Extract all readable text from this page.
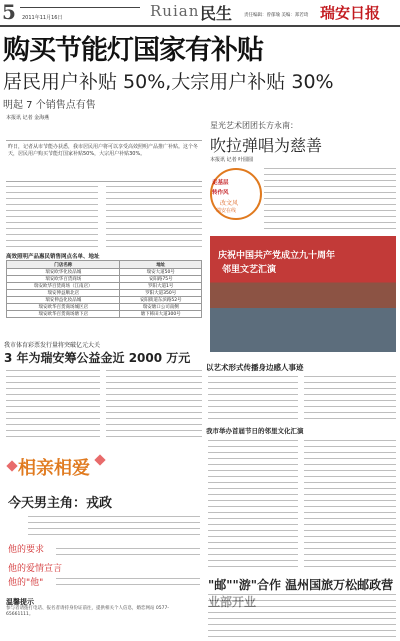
5 2011年11月16日	Ruian 民生	责任编辑：曾郁瑜 美编：郑若琦 瑞安日报
购买节能灯国家有补贴
居民用户补贴 50%,大宗用户补贴 30%
明起 7 个销售点有售
本报讯 记者 金海燕
昨日，记者从市节能办获悉，我市居民用户将可以享受高效照明产品推广补贴。这个冬天，居民用户购买节能灯国家补贴50%，大宗用户补贴30%。
高效照明产品惠民销售网点名单、地址
门店名称	地址
瑞安欧华化妆品城	瑞安大道50号
瑞安欧华百货商场	安阳路75号
瑞安欧华百货商场（江南店）	罗阳大道1号
瑞安伸益顺北店	罗阳大道350号
瑞安伸益化妆品城	安阳街道东滨路52号
瑞安欧华百货商场城区店	瑞安塘口公司南侧
瑞安欧华百货商场塘下店	塘下韩田大道300号
我市体育彩票发行量将突破亿元大关
3 年为瑞安筹公益金近 2000 万元
星光艺术团团长方永南：
吹拉弹唱为慈善
本报讯 记者 叶圆圆
走基层
转作风
改文风
瑞安在线
庆祝中国共产党成立九十周年
邻里文艺汇演
以艺术形式传播身边感人事迹
我市举办首届节日的邻里文化汇演
相亲相爱
今天男主角：戎政
他的要求
他的爱情宣言
他的"他"
温馨提示
参与者请拨打电话、报名者请持身份证前往，提供相关个人信息，婚恋网站 0577-65661111。
"邮""游"合作 温州国旅万松邮政营
